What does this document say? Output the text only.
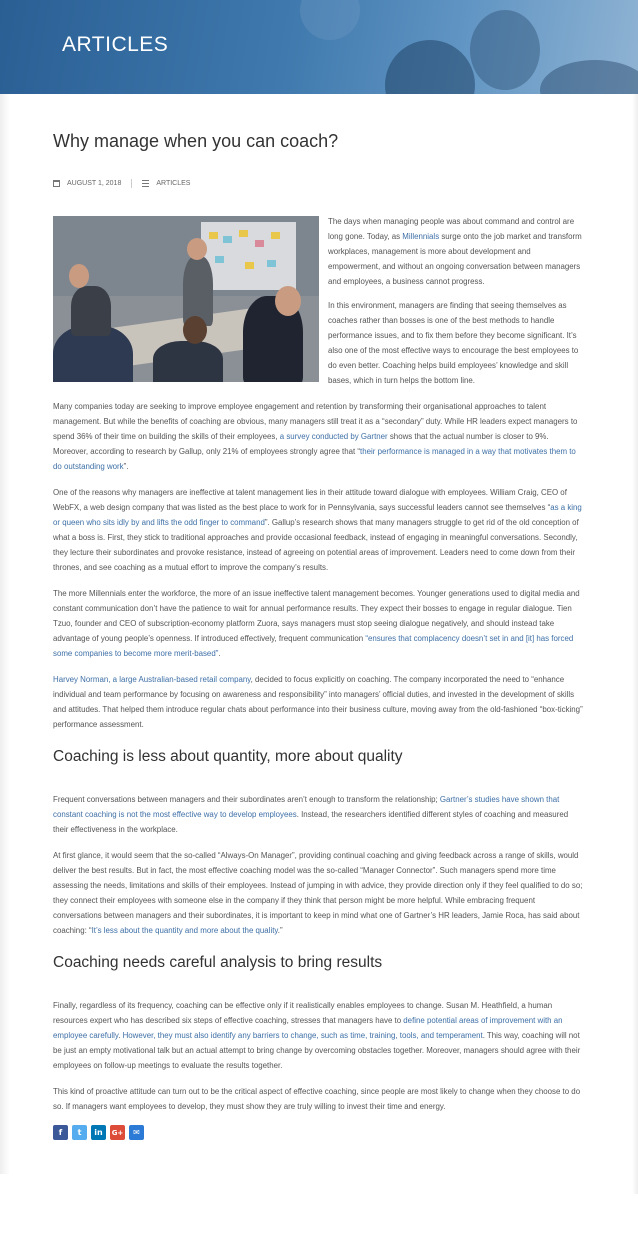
ARTICLES
Why manage when you can coach?
AUGUST 1, 2018	ARTICLES

The days when managing people was about command and control are long gone. Today, as Millennials surge onto the job market and transform workplaces, management is more about development and empowerment, and without an ongoing conversation between managers and employees, a business cannot progress.

In this environment, managers are finding that seeing themselves as coaches rather than bosses is one of the best methods to handle performance issues, and to fix them before they become significant. It’s also one of the most effective ways to encourage the best employees to do even better. Coaching helps build employees’ knowledge and skill bases, which in turn helps the bottom line.

Many companies today are seeking to improve employee engagement and retention by transforming their organisational approaches to talent management. But while the benefits of coaching are obvious, many managers still treat it as a “secondary” duty. While HR leaders expect managers to spend 36% of their time on building the skills of their employees, a survey conducted by Gartner shows that the actual number is closer to 9%. Moreover, according to research by Gallup, only 21% of employees strongly agree that “their performance is managed in a way that motivates them to do outstanding work”.

One of the reasons why managers are ineffective at talent management lies in their attitude toward dialogue with employees. William Craig, CEO of WebFX, a web design company that was listed as the best place to work for in Pennsylvania, says successful leaders cannot see themselves “as a king or queen who sits idly by and lifts the odd finger to command”. Gallup’s research shows that many managers struggle to get rid of the old conception of what a boss is. First, they stick to traditional approaches and provide occasional feedback, instead of engaging in meaningful conversations. Secondly, they lecture their subordinates and provoke resistance, instead of agreeing on potential areas of improvement. Leaders need to come down from their thrones, and see coaching as a mutual effort to improve the company’s results.

The more Millennials enter the workforce, the more of an issue ineffective talent management becomes. Younger generations used to digital media and constant communication don’t have the patience to wait for annual performance results. They expect their bosses to engage in regular dialogue. Tien Tzuo, founder and CEO of subscription-economy platform Zuora, says managers must stop seeing dialogue negatively, and should instead take advantage of young people’s openness. If introduced effectively, frequent communication “ensures that complacency doesn’t set in and [it] has forced some companies to become more merit-based”.

Harvey Norman, a large Australian-based retail company, decided to focus explicitly on coaching. The company incorporated the need to “enhance individual and team performance by focusing on awareness and responsibility” into managers’ official duties, and invested in the development of skills and attitudes. That helped them introduce regular chats about performance into their business culture, moving away from the old-fashioned “box-ticking” performance assessment.

Coaching is less about quantity, more about quality

Frequent conversations between managers and their subordinates aren’t enough to transform the relationship; Gartner’s studies have shown that constant coaching is not the most effective way to develop employees. Instead, the researchers identified different styles of coaching and measured their effectiveness in the workplace.

At first glance, it would seem that the so-called “Always-On Manager”, providing continual coaching and giving feedback across a range of skills, would deliver the best results. But in fact, the most effective coaching model was the so-called “Manager Connector”. Such managers spend more time assessing the needs, limitations and skills of their employees. Instead of jumping in with advice, they provide direction only if they feel qualified to do so; they connect their employees with someone else in the company if they think that person might be more helpful. While embracing frequent conversations between managers and their subordinates, it is important to keep in mind what one of Gartner’s HR leaders, Jamie Roca, has said about coaching: “It’s less about the quantity and more about the quality.”

Coaching needs careful analysis to bring results

Finally, regardless of its frequency, coaching can be effective only if it realistically enables employees to change. Susan M. Heathfield, a human resources expert who has described six steps of effective coaching, stresses that managers have to define potential areas of improvement with an employee carefully. However, they must also identify any barriers to change, such as time, training, tools, and temperament. This way, coaching will not be just an empty motivational talk but an actual attempt to bring change by overcoming obstacles together. Moreover, managers should agree with their employees on follow-up meetings to evaluate the results together.

This kind of proactive attitude can turn out to be the critical aspect of effective coaching, since people are most likely to change when they choose to do so. If managers want employees to develop, they must show they are truly willing to invest their time and energy.

f t in G+ ✉
